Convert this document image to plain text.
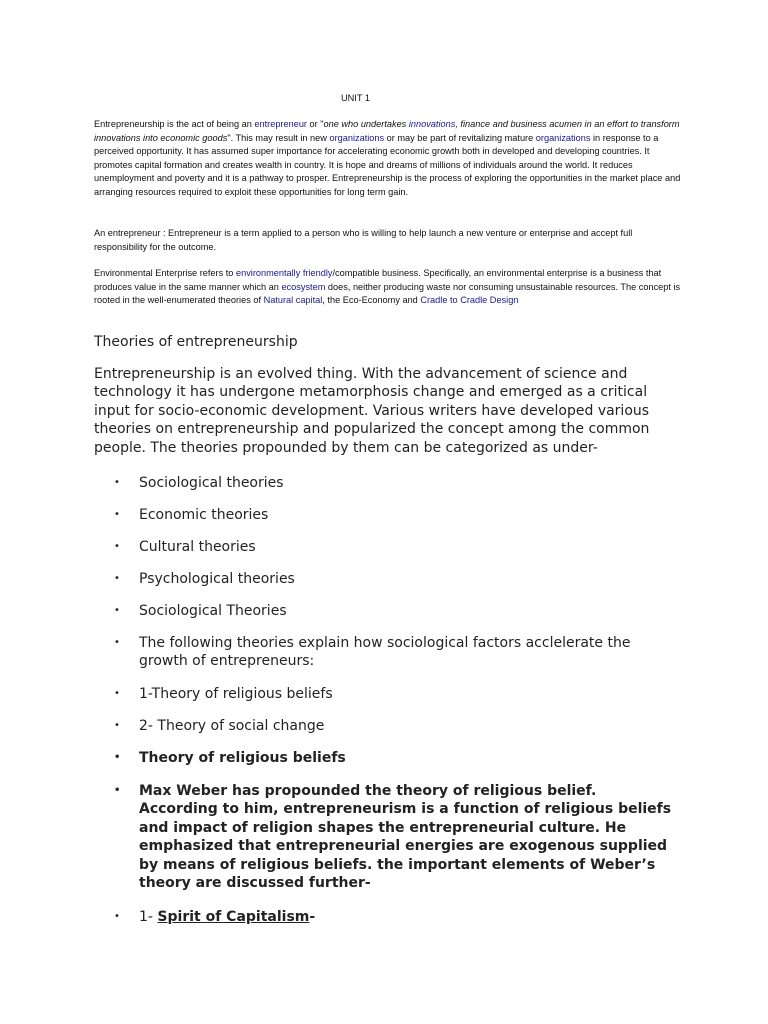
UNIT 1

Entrepreneurship is the act of being an entrepreneur or "one who undertakes innovations, finance and business acumen in an effort to transform innovations into economic goods". This may result in new organizations or may be part of revitalizing mature organizations in response to a perceived opportunity. It has assumed super importance for accelerating economic growth both in developed and developing countries. It promotes capital formation and creates wealth in country. It is hope and dreams of millions of individuals around the world. It reduces unemployment and poverty and it is a pathway to prosper. Entrepreneurship is the process of exploring the opportunities in the market place and arranging resources required to exploit these opportunities for long term gain.

An entrepreneur : Entrepreneur is a term applied to a person who is willing to help launch a new venture or enterprise and accept full responsibility for the outcome.

Environmental Enterprise refers to environmentally friendly/compatible business. Specifically, an environmental enterprise is a business that produces value in the same manner which an ecosystem does, neither producing waste nor consuming unsustainable resources. The concept is rooted in the well-enumerated theories of Natural capital, the Eco-Economy and Cradle to Cradle Design

Theories of entrepreneurship

Entrepreneurship is an evolved thing. With the advancement of science and technology it has undergone metamorphosis change and emerged as a critical input for socio-economic development. Various writers have developed various theories on entrepreneurship and popularized the concept among the common people. The theories propounded by them can be categorized as under-

• Sociological theories
• Economic theories
• Cultural theories
• Psychological theories
• Sociological Theories
• The following theories explain how sociological factors acclelerate the growth of entrepreneurs:
• 1-Theory of religious beliefs
• 2- Theory of social change
• Theory of religious beliefs
• Max Weber has propounded the theory of religious belief. According to him, entrepreneurism is a function of religious beliefs and impact of religion shapes the entrepreneurial culture. He emphasized that entrepreneurial energies are exogenous supplied by means of religious beliefs. the important elements of Weber’s theory are discussed further-
• 1- Spirit of Capitalism-
